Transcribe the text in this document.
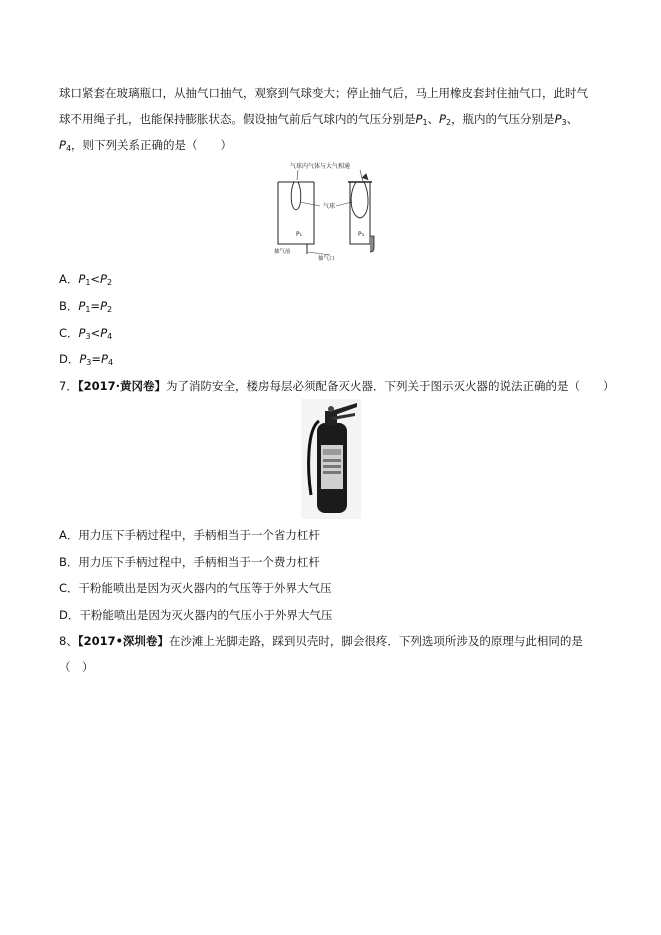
球口紧套在玻璃瓶口，从抽气口抽气，观察到气球变大；停止抽气后，马上用橡皮套封住抽气口，此时气
球不用绳子扎，也能保持膨胀状态。假设抽气前后气球内的气压分别是$P_1$、$P_2$，瓶内的气压分别是$P_3$、
$P_4$，则下列关系正确的是（　　）
气球内气体与大气相通
P₁
抽气前
气球
P₃
抽气口
A．$P_1<P_2$
B．$P_1=P_2$
C．$P_3<P_4$
D．$P_3=P_4$
7．【2017·黄冈卷】为了消防安全，楼房每层必须配备灭火器．下列关于图示灭火器的说法正确的是（　　）
A．用力压下手柄过程中，手柄相当于一个省力杠杆
B．用力压下手柄过程中，手柄相当于一个费力杠杆
C．干粉能喷出是因为灭火器内的气压等于外界大气压
D．干粉能喷出是因为灭火器内的气压小于外界大气压
8、【2017•深圳卷】在沙滩上光脚走路，踩到贝壳时，脚会很疼．下列选项所涉及的原理与此相同的是
（　）
